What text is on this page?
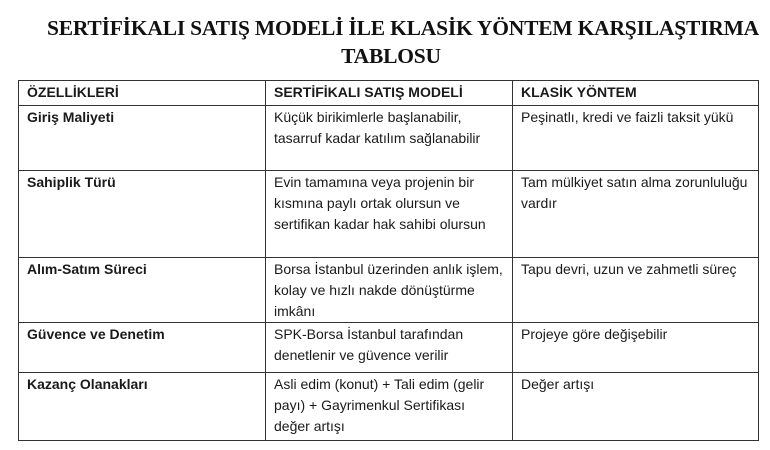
SERTİFİKALI SATIŞ MODELİ İLE KLASİK YÖNTEM KARŞILAŞTIRMA
TABLOSU
ÖZELLİKLERİ	SERTİFİKALI SATIŞ MODELİ	KLASİK YÖNTEM
Giriş Maliyeti	Küçük birikimlerle başlanabilir, tasarruf kadar katılım sağlanabilir	Peşinatlı, kredi ve faizli taksit yükü
Sahiplik Türü	Evin tamamına veya projenin bir kısmına paylı ortak olursun ve sertifikan kadar hak sahibi olursun	Tam mülkiyet satın alma zorunluluğu vardır
Alım-Satım Süreci	Borsa İstanbul üzerinden anlık işlem, kolay ve hızlı nakde dönüştürme imkânı	Tapu devri, uzun ve zahmetli süreç
Güvence ve Denetim	SPK-Borsa İstanbul tarafından denetlenir ve güvence verilir	Projeye göre değişebilir
Kazanç Olanakları	Asli edim (konut) + Tali edim (gelir payı) + Gayrimenkul Sertifikası değer artışı	Değer artışı
